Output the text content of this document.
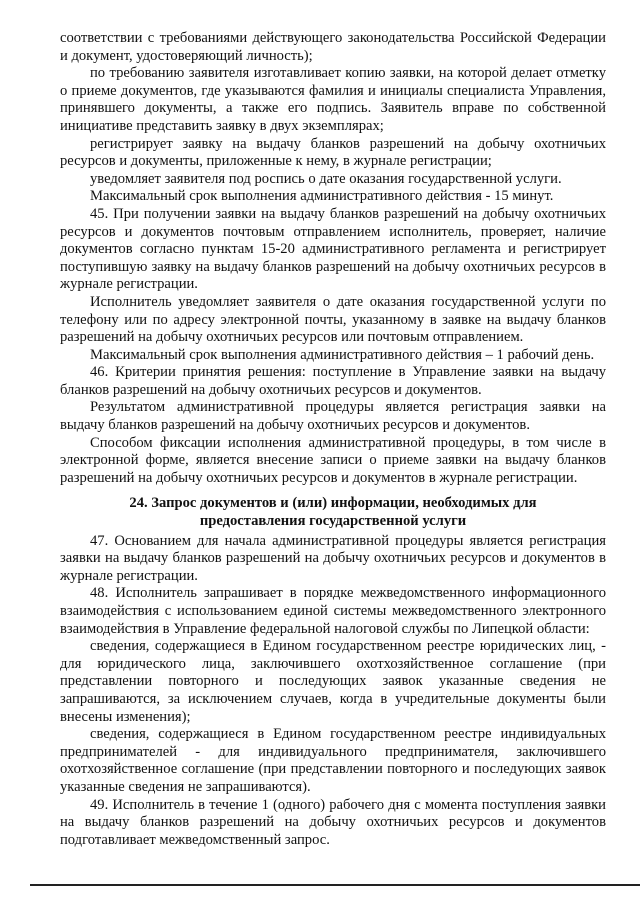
соответствии с требованиями действующего законодательства Российской Федерации и документ, удостоверяющий личность);

по требованию заявителя изготавливает копию заявки, на которой делает отметку о приеме документов, где указываются фамилия и инициалы специалиста Управления, принявшего документы, а также его подпись. Заявитель вправе по собственной инициативе представить заявку в двух экземплярах;

регистрирует заявку на выдачу бланков разрешений на добычу охотничьих ресурсов и документы, приложенные к нему, в журнале регистрации;

уведомляет заявителя под роспись о дате оказания государственной услуги.

Максимальный срок выполнения административного действия - 15 минут.

45. При получении заявки на выдачу бланков разрешений на добычу охотничьих ресурсов и документов почтовым отправлением исполнитель, проверяет, наличие документов согласно пунктам 15-20 административного регламента и регистрирует поступившую заявку на выдачу бланков разрешений на добычу охотничьих ресурсов в журнале регистрации.

Исполнитель уведомляет заявителя о дате оказания государственной услуги по телефону или по адресу электронной почты, указанному в заявке на выдачу бланков разрешений на добычу охотничьих ресурсов или почтовым отправлением.

Максимальный срок выполнения административного действия – 1 рабочий день.

46. Критерии принятия решения: поступление в Управление заявки на выдачу бланков разрешений на добычу охотничьих ресурсов и документов.

Результатом административной процедуры является регистрация заявки на выдачу бланков разрешений на добычу охотничьих ресурсов и документов.

Способом фиксации исполнения административной процедуры, в том числе в электронной форме, является внесение записи о приеме заявки на выдачу бланков разрешений на добычу охотничьих ресурсов и документов в журнале регистрации.

24. Запрос документов и (или) информации, необходимых для
предоставления государственной услуги

47. Основанием для начала административной процедуры является регистрация заявки на выдачу бланков разрешений на добычу охотничьих ресурсов и документов в журнале регистрации.

48. Исполнитель запрашивает в порядке межведомственного информационного взаимодействия с использованием единой системы межведомственного электронного взаимодействия в Управление федеральной налоговой службы по Липецкой области:

сведения, содержащиеся в Едином государственном реестре юридических лиц, - для юридического лица, заключившего охотхозяйственное соглашение (при представлении повторного и последующих заявок указанные сведения не запрашиваются, за исключением случаев, когда в учредительные документы были внесены изменения);

сведения, содержащиеся в Едином государственном реестре индивидуальных предпринимателей - для индивидуального предпринимателя, заключившего охотхозяйственное соглашение (при представлении повторного и последующих заявок указанные сведения не запрашиваются).

49. Исполнитель в течение 1 (одного) рабочего дня с момента поступления заявки на выдачу бланков разрешений на добычу охотничьих ресурсов и документов подготавливает межведомственный запрос.
